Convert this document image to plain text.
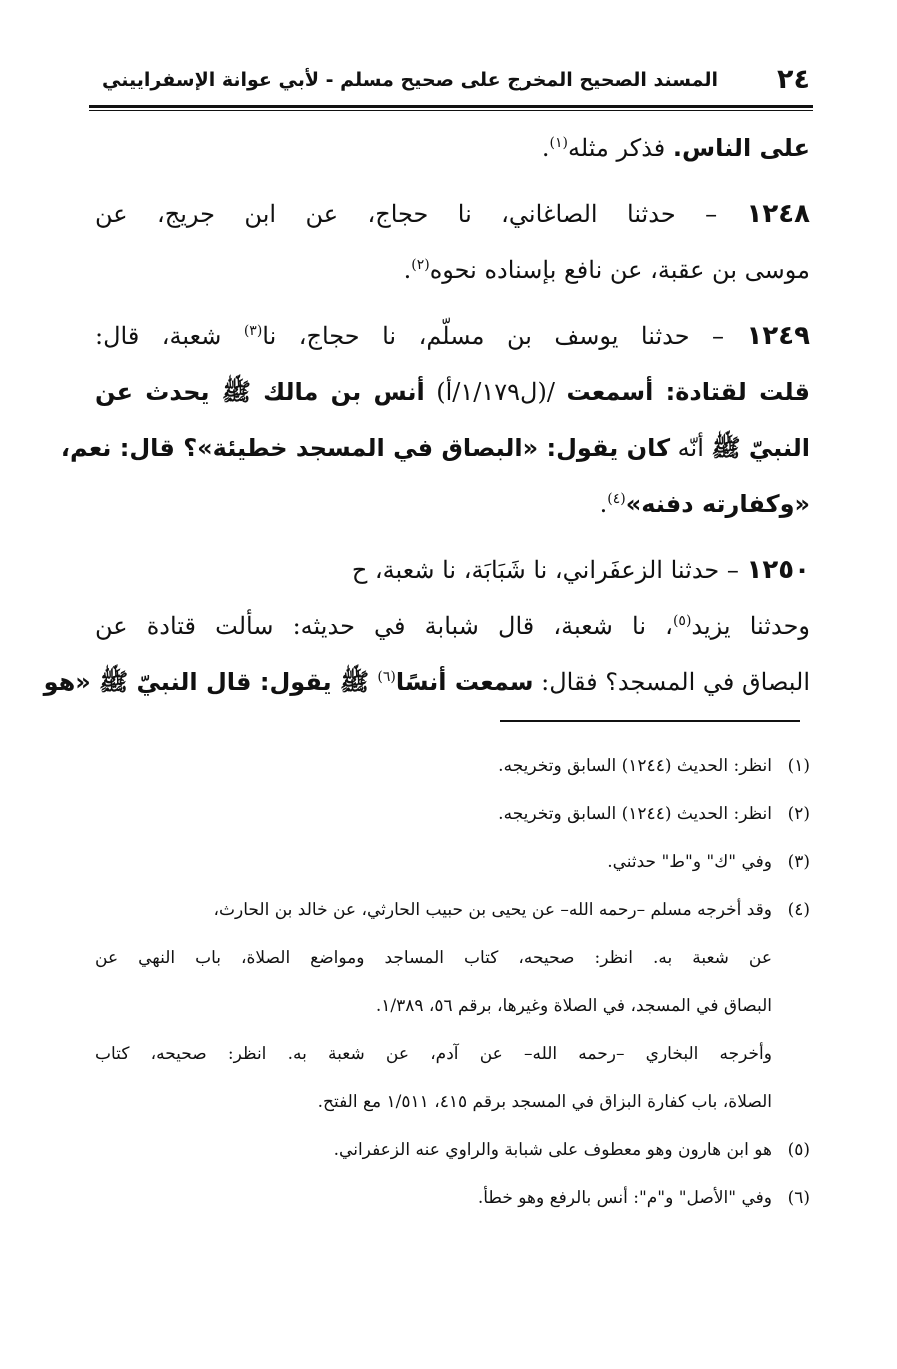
٢٤
المسند الصحيح المخرج على صحيح مسلم - لأبي عوانة الإسفراييني
على الناس. فذكر مثله$^{(١)}$.
١٢٤٨ – حدثنا الصاغاني، نا حجاج، عن ابن جريج، عن
موسى بن عقبة، عن نافع بإسناده نحوه$^{(٢)}$.
١٢٤٩ – حدثنا يوسف بن مسلّم، نا حجاج، نا$^{(٣)}$ شعبة، قال:
قلت لقتادة: أسمعت /(ل١/١٧٩/أ) أنس بن مالك ﷺ يحدث عن
النبيّ ﷺ أنّه كان يقول: «البصاق في المسجد خطيئة»؟ قال: نعم،
«وكفارته دفنه»$^{(٤)}$.
١٢٥٠ – حدثنا الزعفَراني، نا شَبَابَة، نا شعبة، ح
وحدثنا يزيد$^{(٥)}$، نا شعبة، قال شبابة في حديثه: سألت قتادة عن
البصاق في المسجد؟ فقال: سمعت أنسًا$^{(٦)}$ ﷺ يقول: قال النبيّ ﷺ «هو
(١)انظر: الحديث (١٢٤٤) السابق وتخريجه.
(٢)انظر: الحديث (١٢٤٤) السابق وتخريجه.
(٣)وفي "ك" و"ط" حدثني.
(٤)وقد أخرجه مسلم –رحمه الله– عن يحيى بن حبيب الحارثي، عن خالد بن الحارث،
عن شعبة به. انظر: صحيحه، كتاب المساجد ومواضع الصلاة، باب النهي عن
البصاق في المسجد، في الصلاة وغيرها، برقم ٥٦، ١/٣٨٩.
وأخرجه البخاري –رحمه الله– عن آدم، عن شعبة به. انظر: صحيحه، كتاب
الصلاة، باب كفارة البزاق في المسجد برقم ٤١٥، ١/٥١١ مع الفتح.
(٥)هو ابن هارون وهو معطوف على شبابة والراوي عنه الزعفراني.
(٦)وفي "الأصل" و"م": أنس بالرفع وهو خطأ.
